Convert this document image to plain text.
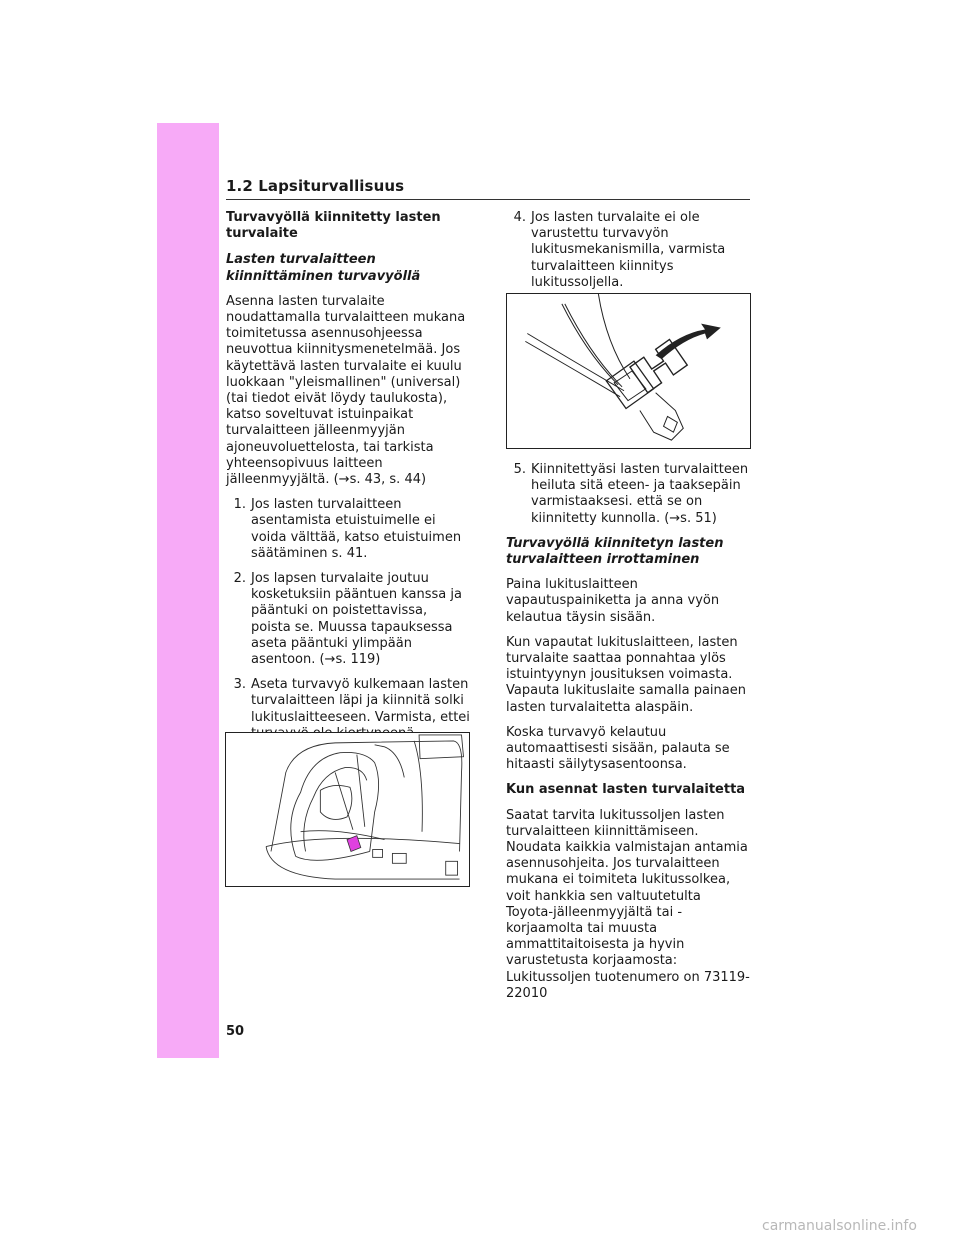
1.2 Lapsiturvallisuus

Turvavyöllä kiinnitetty lasten turvalaite

Lasten turvalaitteen kiinnittäminen turvavyöllä

Asenna lasten turvalaite noudattamalla turvalaitteen mukana toimitetussa asennusohjeessa neuvottua kiinnitysmenetelmää. Jos käytettävä lasten turvalaite ei kuulu luokkaan "yleismallinen" (universal) (tai tiedot eivät löydy taulukosta), katso soveltuvat istuinpaikat turvalaitteen jälleenmyyjän ajoneuvoluettelosta, tai tarkista yhteensopivuus laitteen jälleenmyyjältä. (→s. 43, s. 44)

1. Jos lasten turvalaitteen asentamista etuistuimelle ei voida välttää, katso etuistuimen säätäminen s. 41.
2. Jos lapsen turvalaite joutuu kosketuksiin pääntuen kanssa ja pääntuki on poistettavissa, poista se. Muussa tapauksessa aseta pääntuki ylimpään asentoon. (→s. 119)
3. Aseta turvavyö kulkemaan lasten turvalaitteen läpi ja kiinnitä solki lukituslaitteeseen. Varmista, ettei
4. Jos lasten turvalaite ei ole varustettu turvavyön lukitusmekanismilla, varmista turvalaitteen kiinnitys lukitussoljella.
5. Kiinnitettyäsi lasten turvalaitteen heiluta sitä eteen- ja taaksepäin varmistaaksesi. että se on kiinnitetty kunnolla. (→s. 51)

Turvavyöllä kiinnitetyn lasten turvalaitteen irrottaminen

Paina lukituslaitteen vapautuspainiketta ja anna vyön kelautua täysin sisään.

Kun vapautat lukituslaitteen, lasten turvalaite saattaa ponnahtaa ylös istuintyynyn jousituksen voimasta. Vapauta lukituslaite samalla painaen lasten turvalaitetta alaspäin.

Koska turvavyö kelautuu automaattisesti sisään, palauta se hitaasti säilytysasentoonsa.

Kun asennat lasten turvalaitetta

Saatat tarvita lukitussoljen lasten turvalaitteen kiinnittämiseen. Noudata kaikkia valmistajan antamia asennusohjeita. Jos turvalaitteen mukana ei toimiteta lukitussolkea, voit hankkia sen valtuutetulta Toyota-jälleenmyyjältä tai -korjaamolta tai muusta ammattitaitoisesta ja hyvin varustetusta korjaamosta: Lukitussoljen tuotenumero on 73119-22010

50
carmanualsonline.info
